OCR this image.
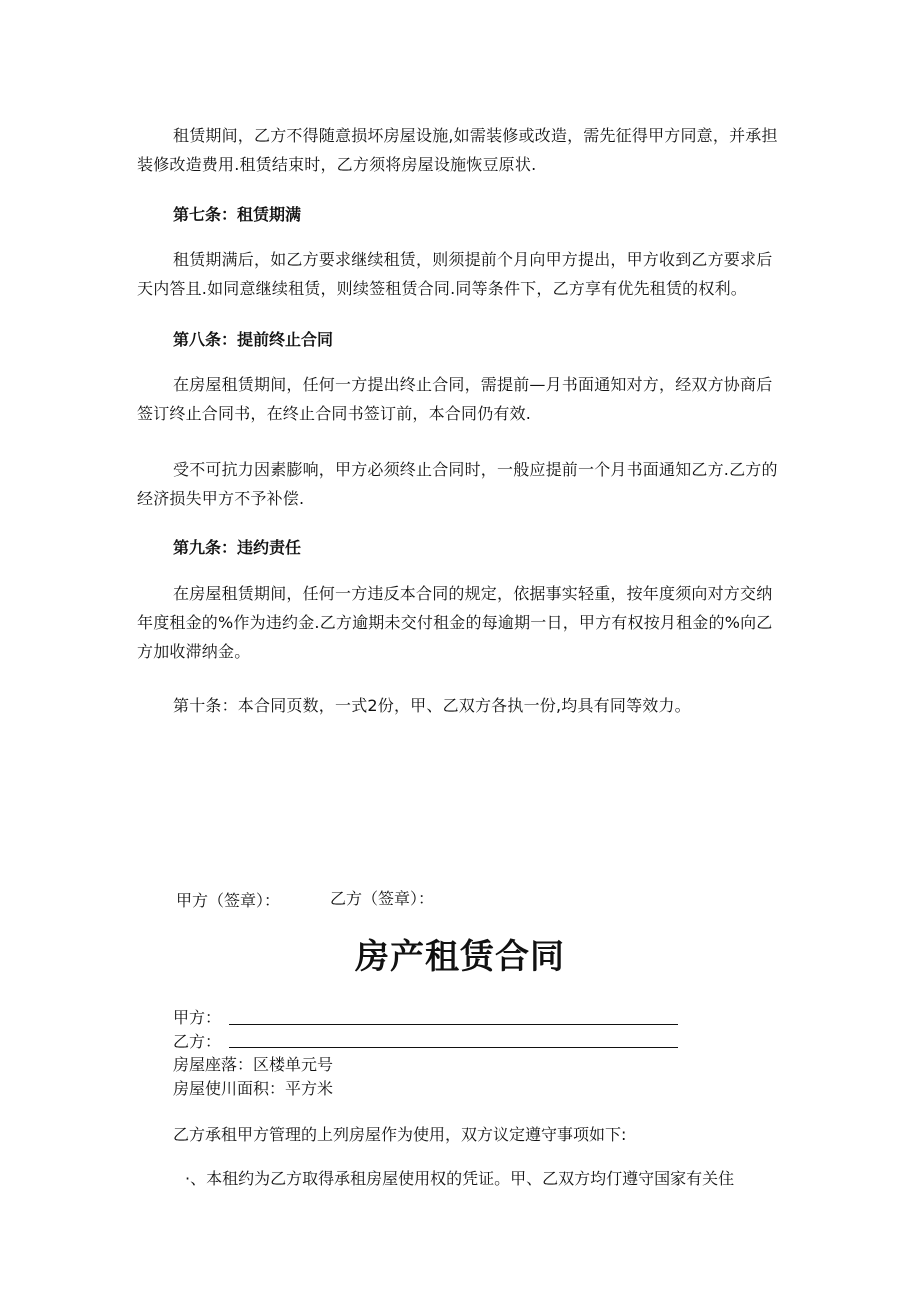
租赁期间，乙方不得随意损坏房屋设施,如需装修或改造，需先征得甲方同意，并承担装修改造费用.租赁结束时，乙方须将房屋设施恢豆原状.

第七条：租赁期满

租赁期满后，如乙方要求继续租赁，则须提前个月向甲方提出，甲方收到乙方要求后天内答且.如同意继续租赁，则续签租赁合同.同等条件下，乙方享有优先租赁的权利。

第八条：提前终止合同

在房屋租赁期间，任何一方提出终止合同，需提前—月书面通知对方，经双方协商后签订终止合同书，在终止合同书签订前，本合同仍有效.

受不可抗力因素膨响，甲方必须终止合同时，一般应提前一个月书面通知乙方.乙方的经济损失甲方不予补偿.

第九条：违约责任

在房屋租赁期间，任何一方违反本合同的规定，依据事实轻重，按年度须向对方交纳年度租金的%作为违约金.乙方逾期未交付租金的每逾期一日，甲方有权按月租金的%向乙方加收滞纳金。

第十条：本合同页数，一式2份，甲、乙双方各执一份,均具有同等效力。

甲方（签章）：	乙方（签章）：

房产租赁合同

甲方：

乙方：

房屋座落：区楼单元号

房屋使川面积：平方米

乙方承租甲方管理的上列房屋作为使用，双方议定遵守事项如下:

·、本租约为乙方取得承租房屋使用权的凭证。甲、乙双方均仃遵守国家有关住
